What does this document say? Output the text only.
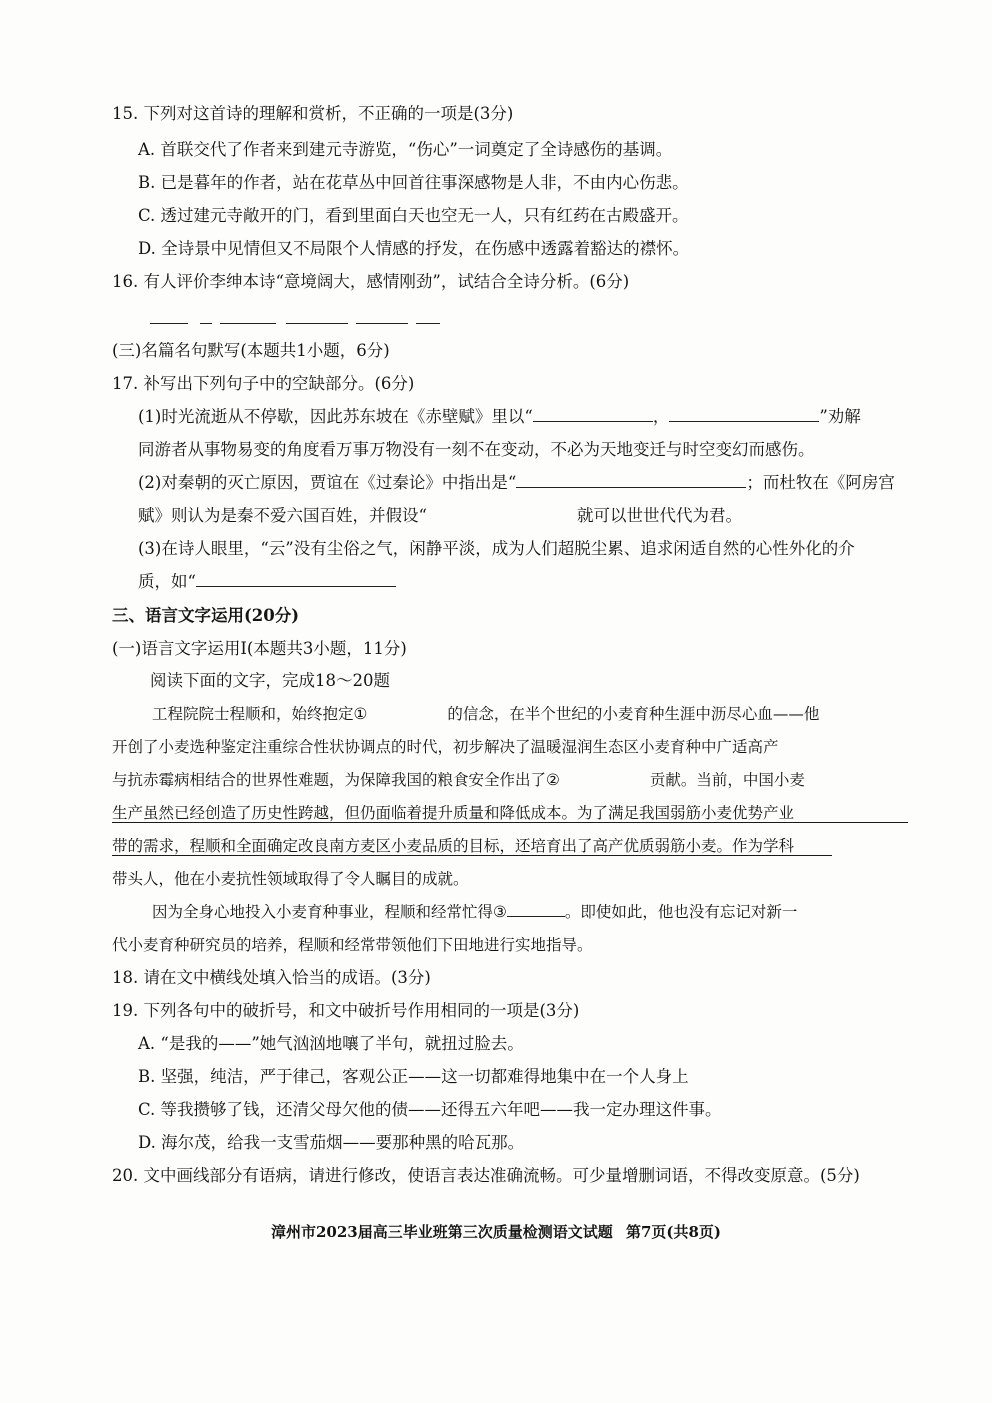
15. 下列对这首诗的理解和赏析，不正确的一项是(3分)
A. 首联交代了作者来到建元寺游览，“伤心”一词奠定了全诗感伤的基调。
B. 已是暮年的作者，站在花草丛中回首往事深感物是人非，不由内心伤悲。
C. 透过建元寺敞开的门，看到里面白天也空无一人，只有红药在古殿盛开。
D. 全诗景中见情但又不局限个人情感的抒发，在伤感中透露着豁达的襟怀。
16. 有人评价李绅本诗“意境阔大，感情刚劲”，试结合全诗分析。(6分)
(三)名篇名句默写(本题共1小题，6分)
17. 补写出下列句子中的空缺部分。(6分)
(1)时光流逝从不停歇，因此苏东坡在《赤壁赋》里以“	，	”劝解
同游者从事物易变的角度看万事万物没有一刻不在变动，不必为天地变迁与时空变幻而感伤。
(2)对秦朝的灭亡原因，贾谊在《过秦论》中指出是“	；而杜牧在《阿房宫
赋》则认为是秦不爱六国百姓，并假设“	就可以世世代代为君。
(3)在诗人眼里，“云”没有尘俗之气，闲静平淡，成为人们超脱尘累、追求闲适自然的心性外化的介
质，如“
三、语言文字运用(20分)
(一)语言文字运用Ⅰ(本题共3小题，11分)
阅读下面的文字，完成18～20题
工程院院士程顺和，始终抱定①	的信念，在半个世纪的小麦育种生涯中沥尽心血——他
开创了小麦选种鉴定注重综合性状协调点的时代，初步解决了温暖湿润生态区小麦育种中广适高产
与抗赤霉病相结合的世界性难题，为保障我国的粮食安全作出了②	贡献。当前，中国小麦
生产虽然已经创造了历史性跨越，但仍面临着提升质量和降低成本。为了满足我国弱筋小麦优势产业
带的需求，程顺和全面确定改良南方麦区小麦品质的目标，还培育出了高产优质弱筋小麦。作为学科
带头人，他在小麦抗性领域取得了令人瞩目的成就。
因为全身心地投入小麦育种事业，程顺和经常忙得③	。即使如此，他也没有忘记对新一
代小麦育种研究员的培养，程顺和经常带领他们下田地进行实地指导。
18. 请在文中横线处填入恰当的成语。(3分)
19. 下列各句中的破折号，和文中破折号作用相同的一项是(3分)
A. “是我的——”她气汹汹地嚷了半句，就扭过脸去。
B. 坚强，纯洁，严于律己，客观公正——这一切都难得地集中在一个人身上
C. 等我攒够了钱，还清父母欠他的债——还得五六年吧——我一定办理这件事。
D. 海尔茂，给我一支雪茄烟——要那种黑的哈瓦那。
20. 文中画线部分有语病，请进行修改，使语言表达准确流畅。可少量增删词语，不得改变原意。(5分)
漳州市2023届高三毕业班第三次质量检测语文试题 第7页(共8页)
